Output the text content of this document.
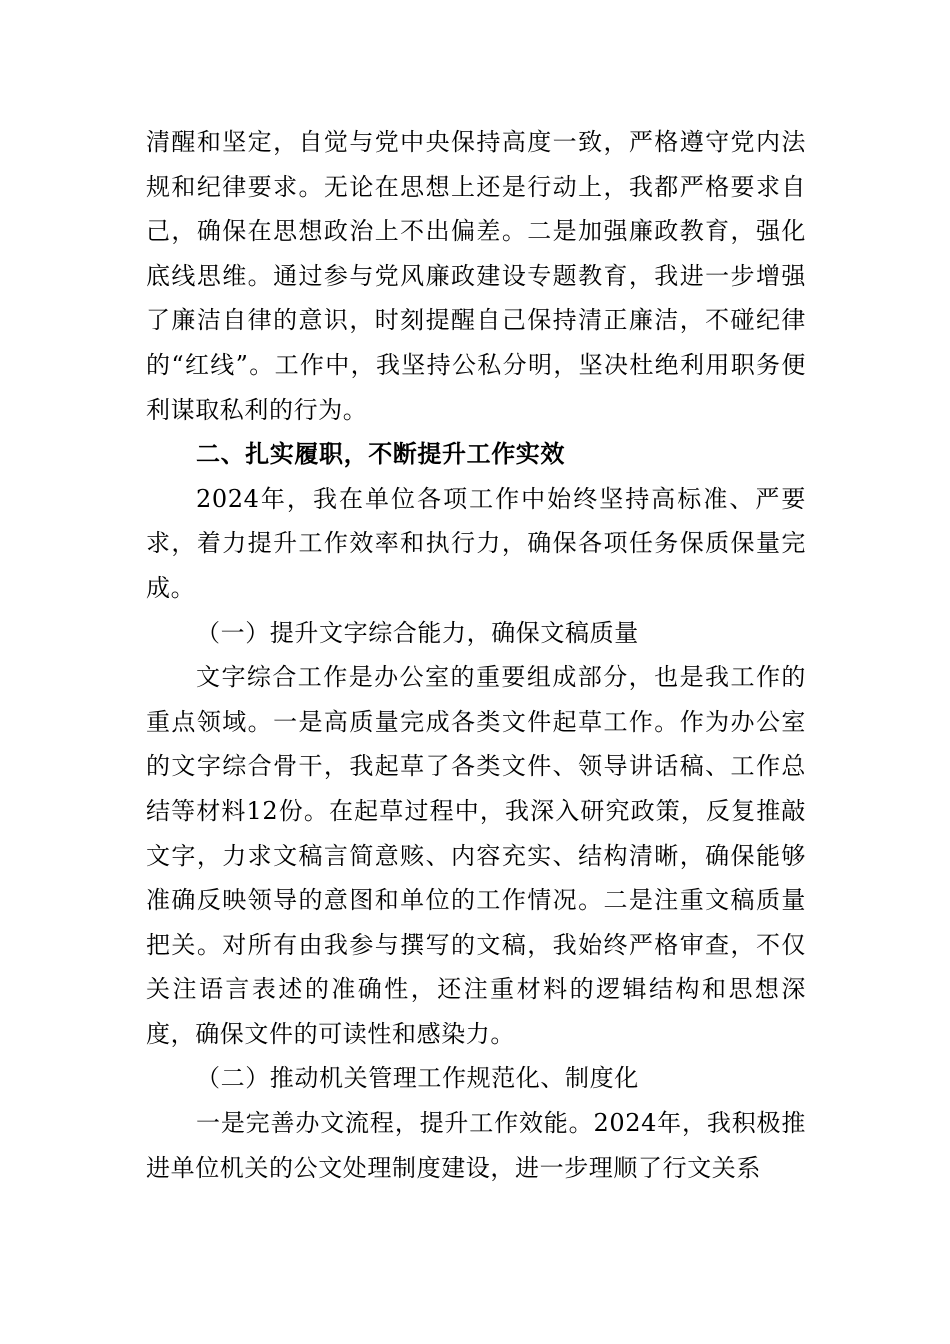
清醒和坚定，自觉与党中央保持高度一致，严格遵守党内法规和纪律要求。无论在思想上还是行动上，我都严格要求自己，确保在思想政治上不出偏差。二是加强廉政教育，强化底线思维。通过参与党风廉政建设专题教育，我进一步增强了廉洁自律的意识，时刻提醒自己保持清正廉洁，不碰纪律的“红线”。工作中，我坚持公私分明，坚决杜绝利用职务便利谋取私利的行为。

二、扎实履职，不断提升工作实效

2024年，我在单位各项工作中始终坚持高标准、严要求，着力提升工作效率和执行力，确保各项任务保质保量完成。

（一）提升文字综合能力，确保文稿质量

文字综合工作是办公室的重要组成部分，也是我工作的重点领域。一是高质量完成各类文件起草工作。作为办公室的文字综合骨干，我起草了各类文件、领导讲话稿、工作总结等材料12份。在起草过程中，我深入研究政策，反复推敲文字，力求文稿言简意赅、内容充实、结构清晰，确保能够准确反映领导的意图和单位的工作情况。二是注重文稿质量把关。对所有由我参与撰写的文稿，我始终严格审查，不仅关注语言表述的准确性，还注重材料的逻辑结构和思想深度，确保文件的可读性和感染力。

（二）推动机关管理工作规范化、制度化

一是完善办文流程，提升工作效能。2024年，我积极推进单位机关的公文处理制度建设，进一步理顺了行文关系
